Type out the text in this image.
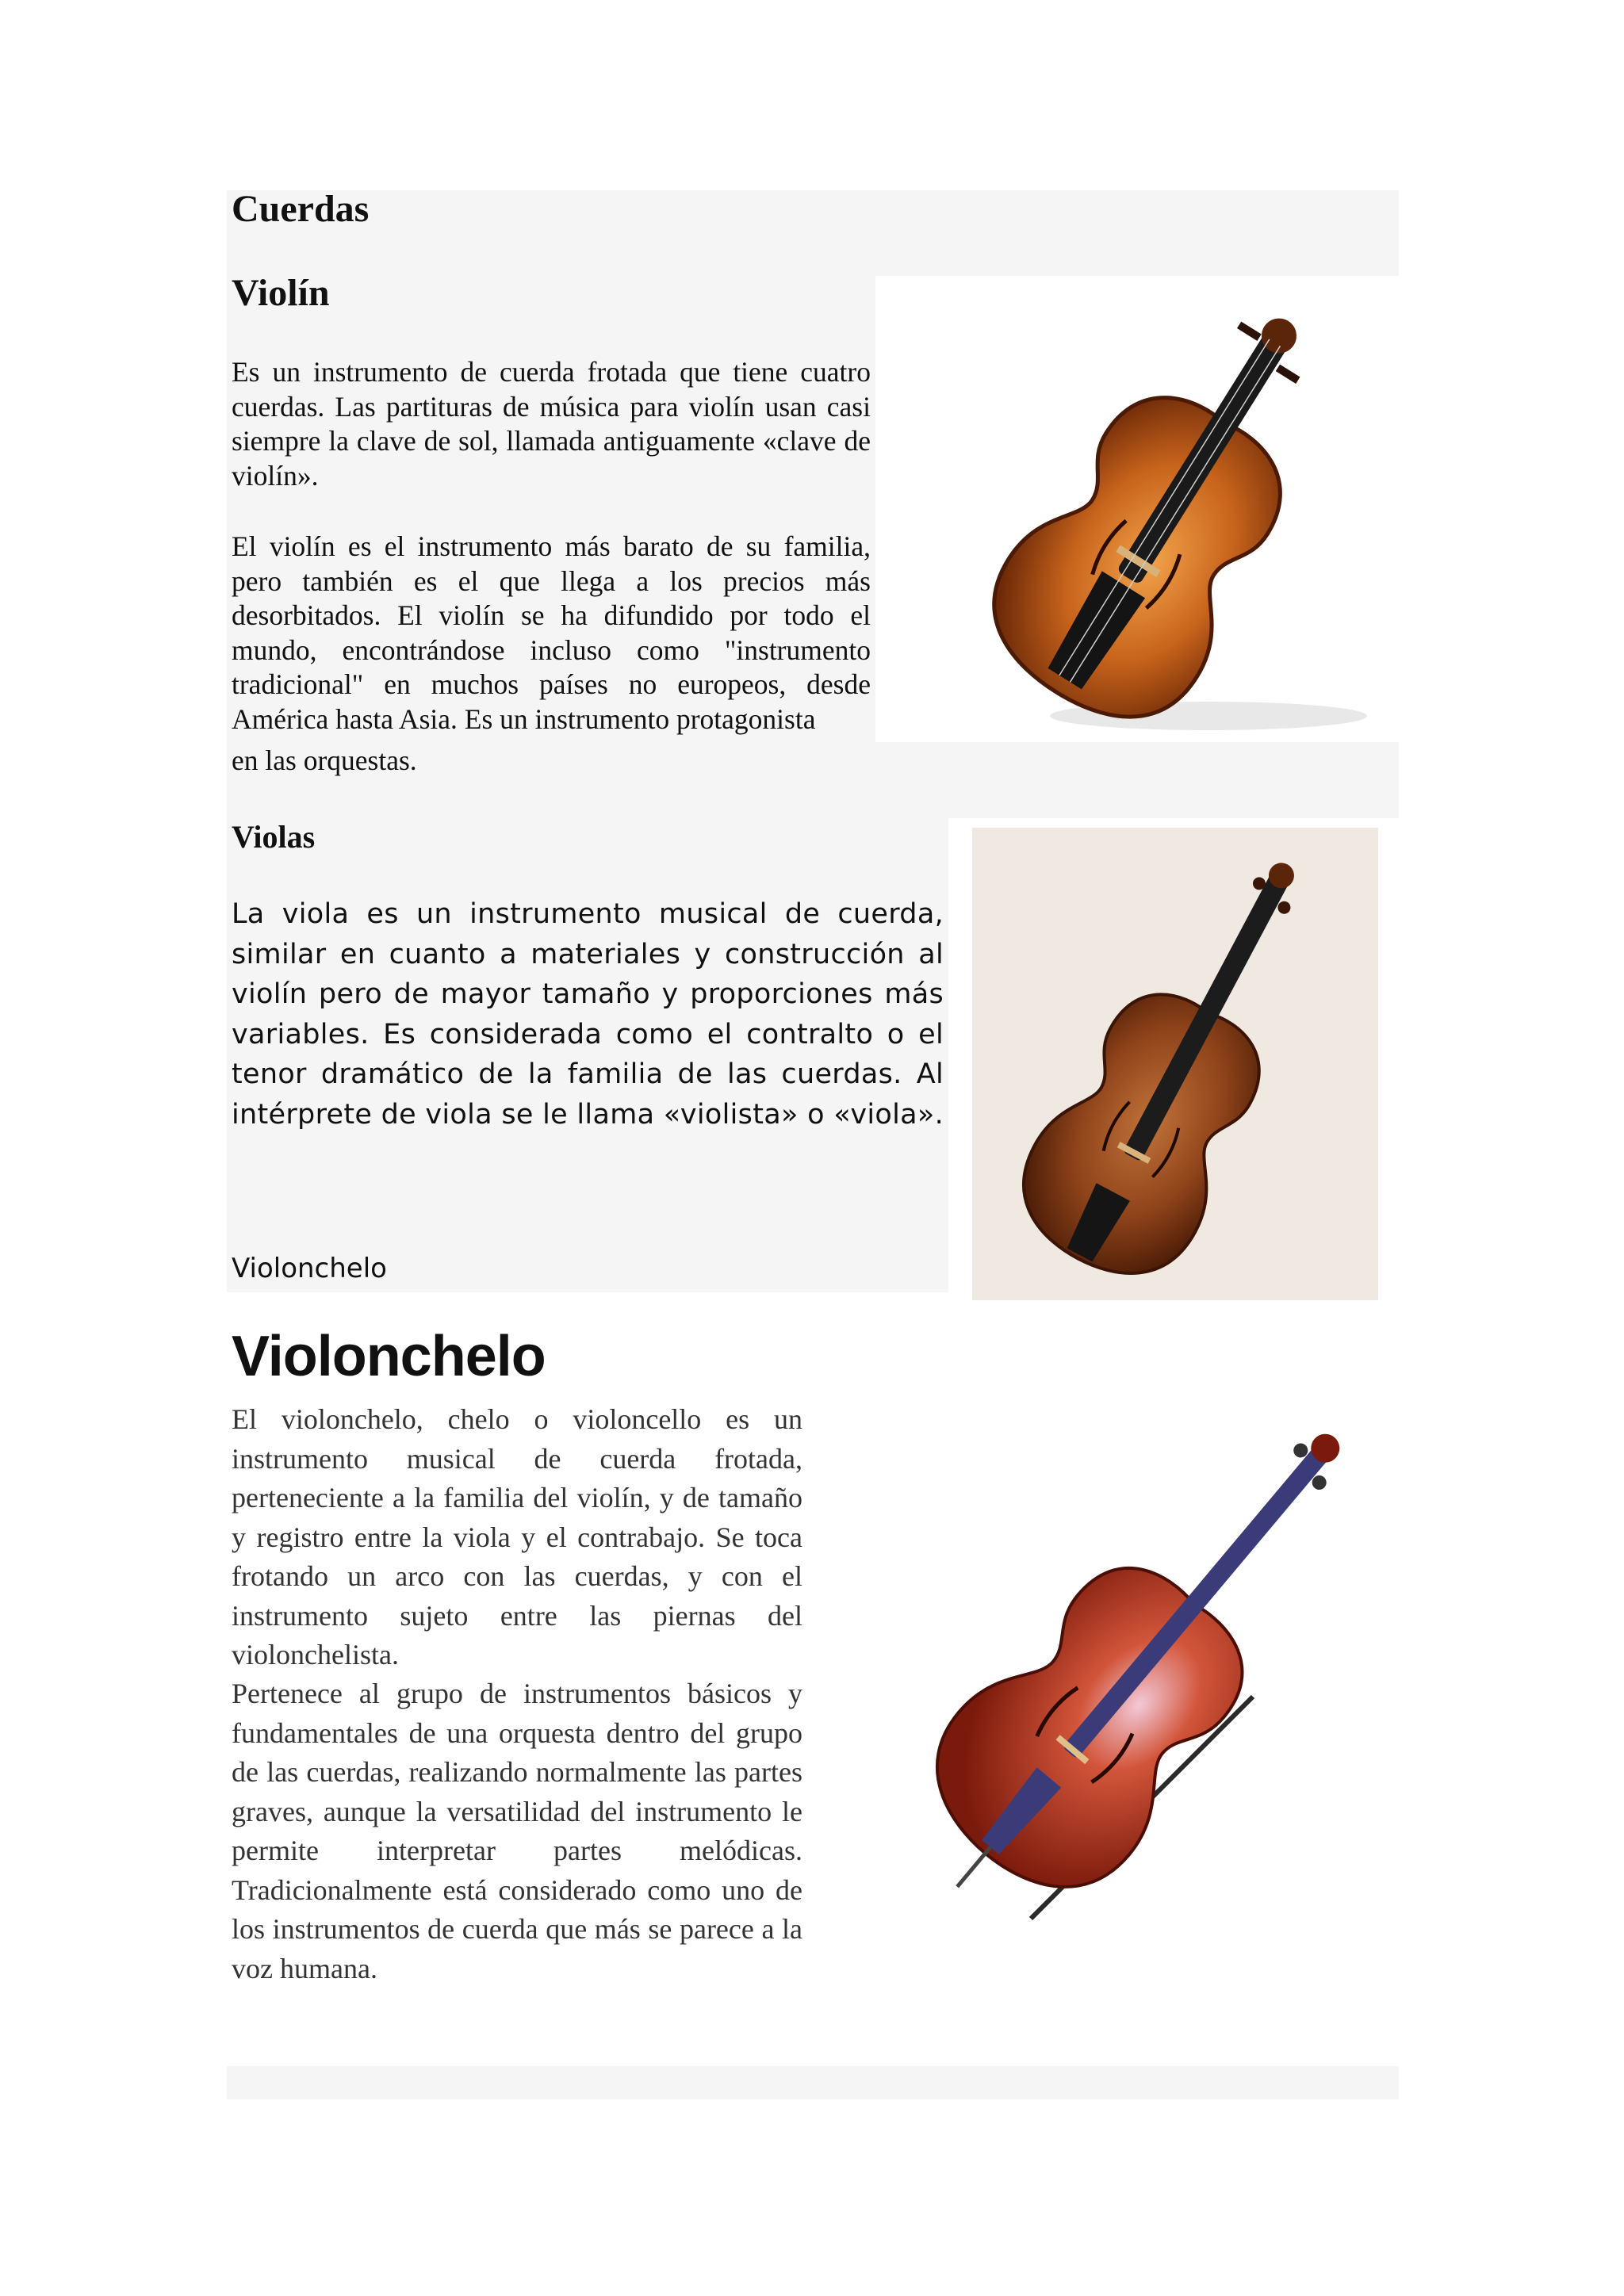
Cuerdas
Violín

Es un instrumento de cuerda frotada que tiene cuatro cuerdas. Las partituras de música para violín usan casi siempre la clave de sol, llamada antiguamente «clave de violín».

El violín es el instrumento más barato de su familia, pero también es el que llega a los precios más desorbitados. El violín se ha difundido por todo el mundo, encontrándose incluso como "instrumento tradicional" en muchos países no europeos, desde América hasta Asia. Es un instrumento protagonista

en las orquestas.

Violas

La viola es un instrumento musical de cuerda, similar en cuanto a materiales y construcción al violín pero de mayor tamaño y proporciones más variables. Es considerada como el contralto o el tenor dramático de la familia de las cuerdas. Al intérprete de viola se le llama «violista» o «viola».

Violonchelo

Violonchelo

El violonchelo, chelo o violoncello es un instrumento musical de cuerda frotada, perteneciente a la familia del violín, y de tamaño y registro entre la viola y el contrabajo. Se toca frotando un arco con las cuerdas, y con el instrumento sujeto entre las piernas del violonchelista.

Pertenece al grupo de instrumentos básicos y fundamentales de una orquesta dentro del grupo de las cuerdas, realizando normalmente las partes graves, aunque la versatilidad del instrumento le permite interpretar partes melódicas. Tradicionalmente está considerado como uno de los instrumentos de cuerda que más se parece a la voz humana.
